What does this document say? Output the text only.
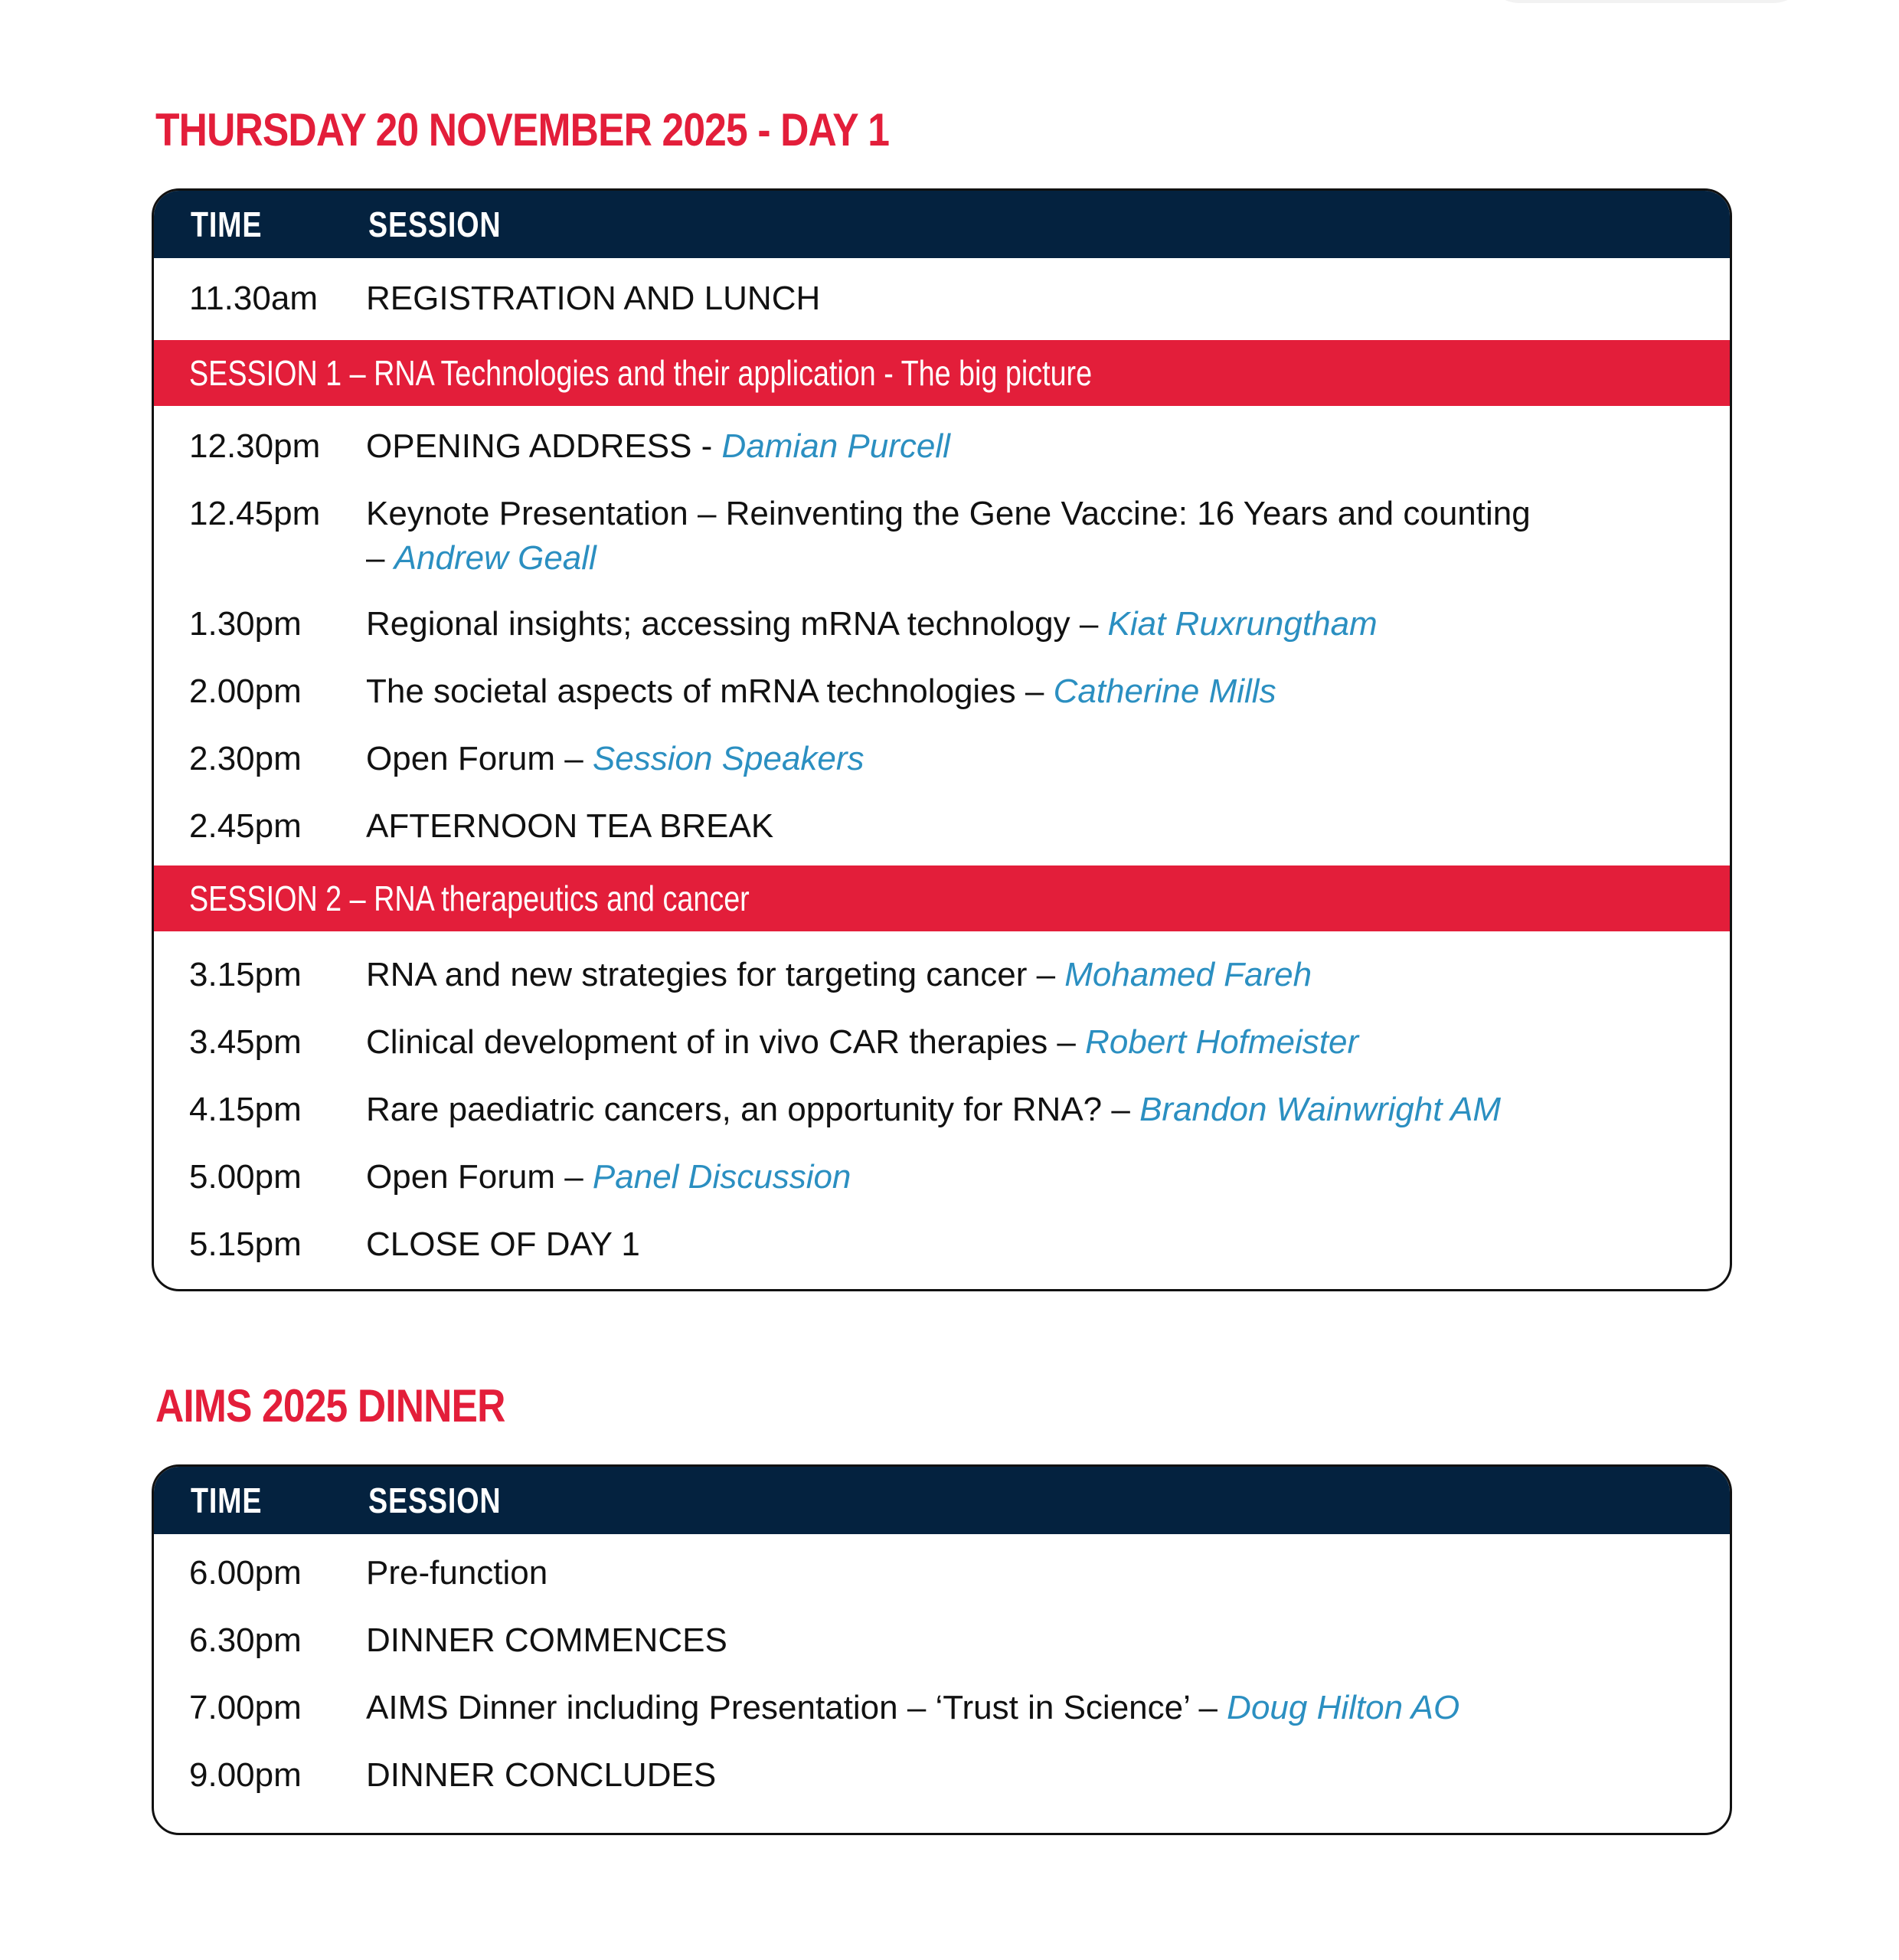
THURSDAY 20 NOVEMBER 2025 - DAY 1
TIME	SESSION
11.30am REGISTRATION AND LUNCH
SESSION 1 – RNA Technologies and their application - The big picture
12.30pm OPENING ADDRESS - Damian Purcell
12.45pm Keynote Presentation – Reinventing the Gene Vaccine: 16 Years and counting
– Andrew Geall
1.30pm Regional insights; accessing mRNA technology – Kiat Ruxrungtham
2.00pm The societal aspects of mRNA technologies – Catherine Mills
2.30pm Open Forum – Session Speakers
2.45pm AFTERNOON TEA BREAK
SESSION 2 – RNA therapeutics and cancer
3.15pm RNA and new strategies for targeting cancer – Mohamed Fareh
3.45pm Clinical development of in vivo CAR therapies – Robert Hofmeister
4.15pm Rare paediatric cancers, an opportunity for RNA? – Brandon Wainwright AM
5.00pm Open Forum – Panel Discussion
5.15pm CLOSE OF DAY 1
AIMS 2025 DINNER
TIME	SESSION
6.00pm Pre-function
6.30pm DINNER COMMENCES
7.00pm AIMS Dinner including Presentation – ‘Trust in Science’ – Doug Hilton AO
9.00pm DINNER CONCLUDES
